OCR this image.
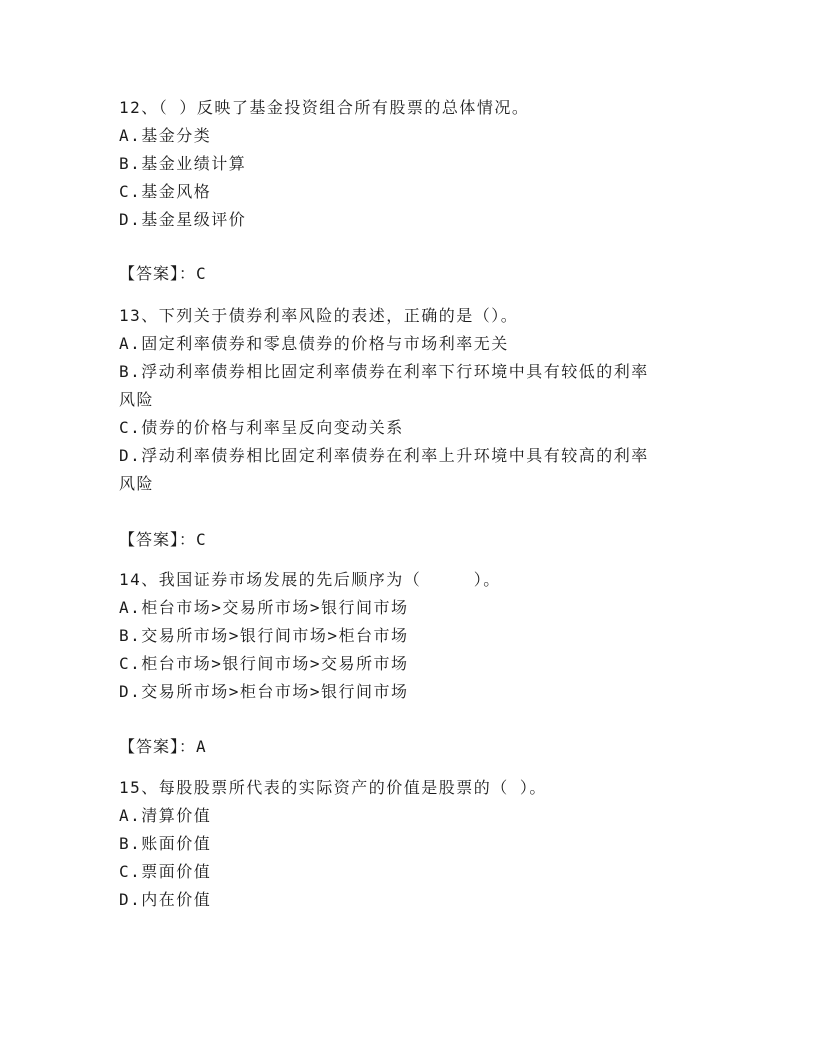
12、（ ）反映了基金投资组合所有股票的总体情况。
A.基金分类
B.基金业绩计算
C.基金风格
D.基金星级评价
【答案】：C
13、下列关于债券利率风险的表述，正确的是（）。
A.固定利率债券和零息债券的价格与市场利率无关
B.浮动利率债券相比固定利率债券在利率下行环境中具有较低的利率
风险
C.债券的价格与利率呈反向变动关系
D.浮动利率债券相比固定利率债券在利率上升环境中具有较高的利率
风险
【答案】：C
14、我国证券市场发展的先后顺序为（　　　）。
A.柜台市场>交易所市场>银行间市场
B.交易所市场>银行间市场>柜台市场
C.柜台市场>银行间市场>交易所市场
D.交易所市场>柜台市场>银行间市场
【答案】：A
15、每股股票所代表的实际资产的价值是股票的（ ）。
A.清算价值
B.账面价值
C.票面价值
D.内在价值
